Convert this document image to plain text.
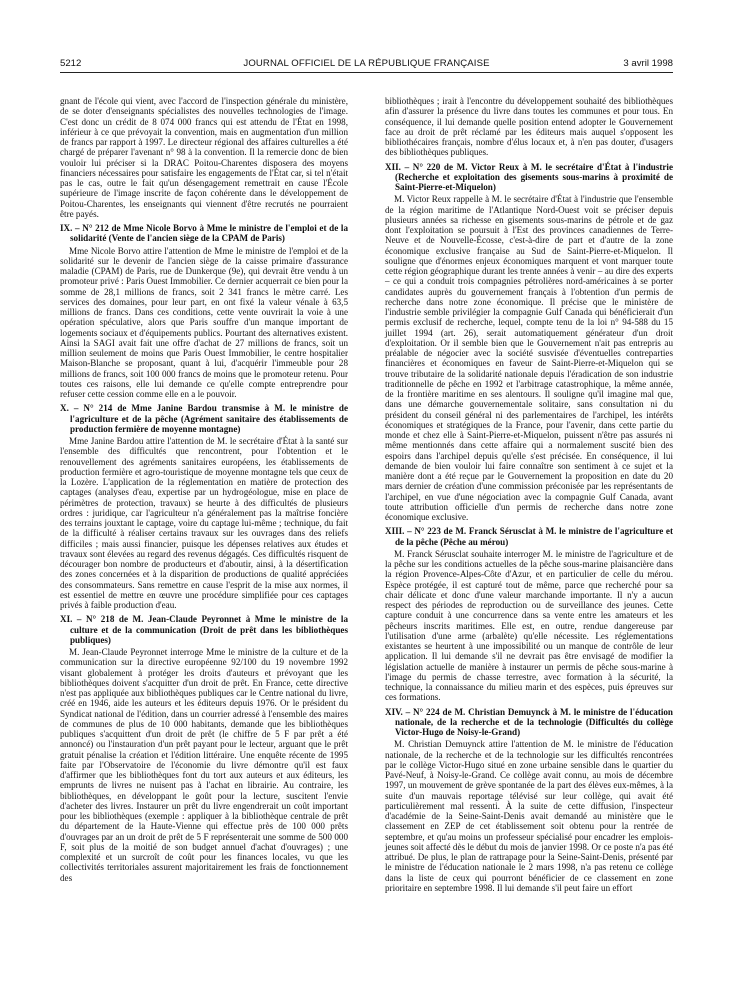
5212	JOURNAL OFFICIEL DE LA RÉPUBLIQUE FRANÇAISE	3 avril 1998

gnant de l'école qui vient, avec l'accord de l'inspection générale du ministère, de se doter d'enseignants spécialistes des nouvelles technologies de l'image. C'est donc un crédit de 8 074 000 francs qui est attendu de l'État en 1998, inférieur à ce que prévoyait la convention, mais en augmentation d'un million de francs par rapport à 1997. Le directeur régional des affaires culturelles a été chargé de préparer l'avenant n° 98 à la convention. Il la remercie donc de bien vouloir lui préciser si la DRAC Poitou-Charentes disposera des moyens financiers nécessaires pour satisfaire les engagements de l'État car, si tel n'était pas le cas, outre le fait qu'un désengagement remettrait en cause l'École supérieure de l'image inscrite de façon cohérente dans le développement de Poitou-Charentes, les enseignants qui viennent d'être recrutés ne pourraient être payés.

IX. – N° 212 de Mme Nicole Borvo à Mme le ministre de l'emploi et de la solidarité (Vente de l'ancien siège de la CPAM de Paris)

Mme Nicole Borvo attire l'attention de Mme le ministre de l'emploi et de la solidarité sur le devenir de l'ancien siège de la caisse primaire d'assurance maladie (CPAM) de Paris, rue de Dunkerque (9e), qui devrait être vendu à un promoteur privé : Paris Ouest Immobilier. Ce dernier acquerrait ce bien pour la somme de 28,1 millions de francs, soit 2 341 francs le mètre carré. Les services des domaines, pour leur part, en ont fixé la valeur vénale à 63,5 millions de francs. Dans ces conditions, cette vente ouvrirait la voie à une opération spéculative, alors que Paris souffre d'un manque important de logements sociaux et d'équipements publics. Pourtant des alternatives existent. Ainsi la SAGI avait fait une offre d'achat de 27 millions de francs, soit un million seulement de moins que Paris Ouest Immobilier, le centre hospitalier Maison-Blanche se proposant, quant à lui, d'acquérir l'immeuble pour 28 millions de francs, soit 100 000 francs de moins que le promoteur retenu. Pour toutes ces raisons, elle lui demande ce qu'elle compte entreprendre pour refuser cette cession comme elle en a le pouvoir.

X. – N° 214 de Mme Janine Bardou transmise à M. le ministre de l'agriculture et de la pêche (Agrément sanitaire des établissements de production fermière de moyenne montagne)

Mme Janine Bardou attire l'attention de M. le secrétaire d'État à la santé sur l'ensemble des difficultés que rencontrent, pour l'obtention et le renouvellement des agréments sanitaires européens, les établissements de production fermière et agro-touristique de moyenne montagne tels que ceux de la Lozère. L'application de la réglementation en matière de protection des captages (analyses d'eau, expertise par un hydrogéologue, mise en place de périmètres de protection, travaux) se heurte à des difficultés de plusieurs ordres : juridique, car l'agriculteur n'a généralement pas la maîtrise foncière des terrains jouxtant le captage, voire du captage lui-même ; technique, du fait de la difficulté à réaliser certains travaux sur les ouvrages dans des reliefs difficiles ; mais aussi financier, puisque les dépenses relatives aux études et travaux sont élevées au regard des revenus dégagés. Ces difficultés risquent de décourager bon nombre de producteurs et d'aboutir, ainsi, à la désertification des zones concernées et à la disparition de productions de qualité appréciées des consommateurs. Sans remettre en cause l'esprit de la mise aux normes, il est essentiel de mettre en œuvre une procédure simplifiée pour ces captages privés à faible production d'eau.

XI. – N° 218 de M. Jean-Claude Peyronnet à Mme le ministre de la culture et de la communication (Droit de prêt dans les bibliothèques publiques)

M. Jean-Claude Peyronnet interroge Mme le ministre de la culture et de la communication sur la directive européenne 92/100 du 19 novembre 1992 visant globalement à protéger les droits d'auteurs et prévoyant que les bibliothèques doivent s'acquitter d'un droit de prêt. En France, cette directive n'est pas appliquée aux bibliothèques publiques car le Centre national du livre, créé en 1946, aide les auteurs et les éditeurs depuis 1976. Or le président du Syndicat national de l'édition, dans un courrier adressé à l'ensemble des maires de communes de plus de 10 000 habitants, demande que les bibliothèques publiques s'acquittent d'un droit de prêt (le chiffre de 5 F par prêt a été annoncé) ou l'instauration d'un prêt payant pour le lecteur, arguant que le prêt gratuit pénalise la création et l'édition littéraire. Une enquête récente de 1995 faite par l'Observatoire de l'économie du livre démontre qu'il est faux d'affirmer que les bibliothèques font du tort aux auteurs et aux éditeurs, les emprunts de livres ne nuisent pas à l'achat en librairie. Au contraire, les bibliothèques, en développant le goût pour la lecture, suscitent l'envie d'acheter des livres. Instaurer un prêt du livre engendrerait un coût important pour les bibliothèques (exemple : appliquer à la bibliothèque centrale de prêt du département de la Haute-Vienne qui effectue près de 100 000 prêts d'ouvrages par an un droit de prêt de 5 F représenterait une somme de 500 000 F, soit plus de la moitié de son budget annuel d'achat d'ouvrages) ; une complexité et un surcroît de coût pour les finances locales, vu que les collectivités territoriales assurent majoritairement les frais de fonctionnement des

bibliothèques ; irait à l'encontre du développement souhaité des bibliothèques afin d'assurer la présence du livre dans toutes les communes et pour tous. En conséquence, il lui demande quelle position entend adopter le Gouvernement face au droit de prêt réclamé par les éditeurs mais auquel s'opposent les bibliothécaires français, nombre d'élus locaux et, à n'en pas douter, d'usagers des bibliothèques publiques.

XII. – N° 220 de M. Victor Reux à M. le secrétaire d'État à l'industrie (Recherche et exploitation des gisements sous-marins à proximité de Saint-Pierre-et-Miquelon)

M. Victor Reux rappelle à M. le secrétaire d'État à l'industrie que l'ensemble de la région maritime de l'Atlantique Nord-Ouest voit se préciser depuis plusieurs années sa richesse en gisements sous-marins de pétrole et de gaz dont l'exploitation se poursuit à l'Est des provinces canadiennes de Terre-Neuve et de Nouvelle-Écosse, c'est-à-dire de part et d'autre de la zone économique exclusive française au Sud de Saint-Pierre-et-Miquelon. Il souligne que d'énormes enjeux économiques marquent et vont marquer toute cette région géographique durant les trente années à venir – au dire des experts – ce qui a conduit trois compagnies pétrolières nord-américaines à se porter candidates auprès du gouvernement français à l'obtention d'un permis de recherche dans notre zone économique. Il précise que le ministère de l'industrie semble privilégier la compagnie Gulf Canada qui bénéficierait d'un permis exclusif de recherche, lequel, compte tenu de la loi n° 94-588 du 15 juillet 1994 (art. 26), serait automatiquement générateur d'un droit d'exploitation. Or il semble bien que le Gouvernement n'ait pas entrepris au préalable de négocier avec la société susvisée d'éventuelles contreparties financières et économiques en faveur de Saint-Pierre-et-Miquelon qui se trouve tributaire de la solidarité nationale depuis l'éradication de son industrie traditionnelle de pêche en 1992 et l'arbitrage catastrophique, la même année, de la frontière maritime en ses alentours. Il souligne qu'il imagine mal que, dans une démarche gouvernementale solitaire, sans consultation ni du président du conseil général ni des parlementaires de l'archipel, les intérêts économiques et stratégiques de la France, pour l'avenir, dans cette partie du monde et chez elle à Saint-Pierre-et-Miquelon, puissent n'être pas assurés ni même mentionnés dans cette affaire qui a normalement suscité bien des espoirs dans l'archipel depuis qu'elle s'est précisée. En conséquence, il lui demande de bien vouloir lui faire connaître son sentiment à ce sujet et la manière dont a été reçue par le Gouvernement la proposition en date du 20 mars dernier de création d'une commission préconisée par les représentants de l'archipel, en vue d'une négociation avec la compagnie Gulf Canada, avant toute attribution officielle d'un permis de recherche dans notre zone économique exclusive.

XIII. – N° 223 de M. Franck Sérusclat à M. le ministre de l'agriculture et de la pêche (Pêche au mérou)

M. Franck Sérusclat souhaite interroger M. le ministre de l'agriculture et de la pêche sur les conditions actuelles de la pêche sous-marine plaisancière dans la région Provence-Alpes-Côte d'Azur, et en particulier de celle du mérou. Espèce protégée, il est capturé tout de même, parce que recherché pour sa chair délicate et donc d'une valeur marchande importante. Il n'y a aucun respect des périodes de reproduction ou de surveillance des jeunes. Cette capture conduit à une concurrence dans sa vente entre les amateurs et les pêcheurs inscrits maritimes. Elle est, en outre, rendue dangereuse par l'utilisation d'une arme (arbalète) qu'elle nécessite. Les réglementations existantes se heurtent à une impossibilité ou un manque de contrôle de leur application. Il lui demande s'il ne devrait pas être envisagé de modifier la législation actuelle de manière à instaurer un permis de pêche sous-marine à l'image du permis de chasse terrestre, avec formation à la sécurité, la technique, la connaissance du milieu marin et des espèces, puis épreuves sur ces formations.

XIV. – N° 224 de M. Christian Demuynck à M. le ministre de l'éducation nationale, de la recherche et de la technologie (Difficultés du collège Victor-Hugo de Noisy-le-Grand)

M. Christian Demuynck attire l'attention de M. le ministre de l'éducation nationale, de la recherche et de la technologie sur les difficultés rencontrées par le collège Victor-Hugo situé en zone urbaine sensible dans le quartier du Pavé-Neuf, à Noisy-le-Grand. Ce collège avait connu, au mois de décembre 1997, un mouvement de grève spontanée de la part des élèves eux-mêmes, à la suite d'un mauvais reportage télévisé sur leur collège, qui avait été particulièrement mal ressenti. À la suite de cette diffusion, l'inspecteur d'académie de la Seine-Saint-Denis avait demandé au ministère que le classement en ZEP de cet établissement soit obtenu pour la rentrée de septembre, et qu'au moins un professeur spécialisé pour encadrer les emplois-jeunes soit affecté dès le début du mois de janvier 1998. Or ce poste n'a pas été attribué. De plus, le plan de rattrapage pour la Seine-Saint-Denis, présenté par le ministre de l'éducation nationale le 2 mars 1998, n'a pas retenu ce collège dans la liste de ceux qui pourront bénéficier de ce classement en zone prioritaire en septembre 1998. Il lui demande s'il peut faire un effort
